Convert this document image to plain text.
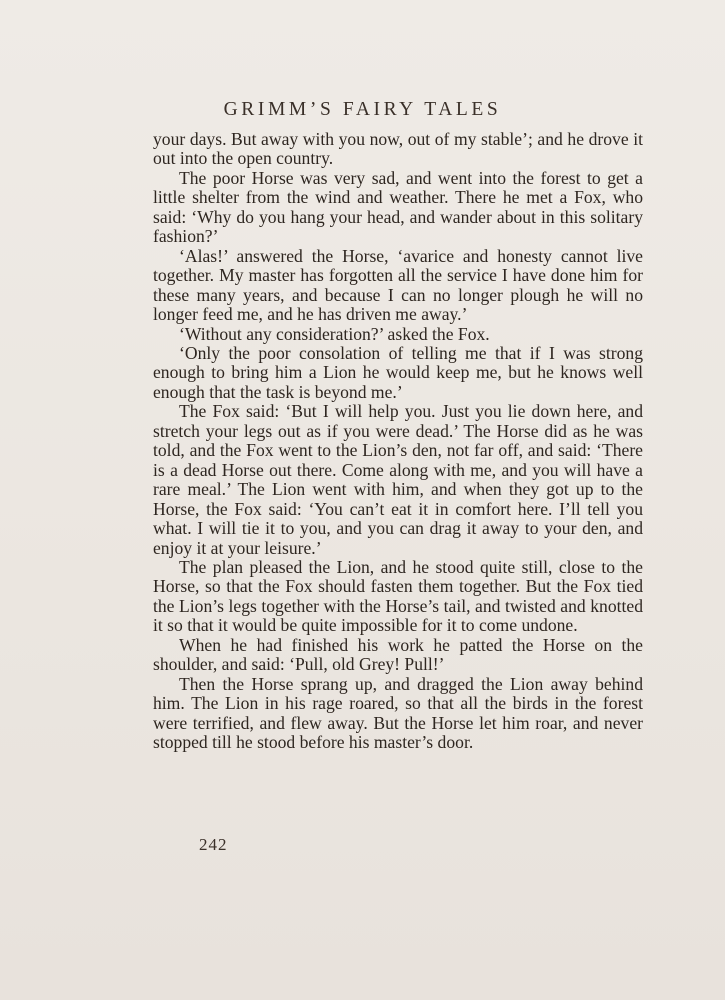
GRIMM’S FAIRY TALES

your days. But away with you now, out of my stable’; and he drove it out into the open country.

The poor Horse was very sad, and went into the forest to get a little shelter from the wind and weather. There he met a Fox, who said: ‘Why do you hang your head, and wander about in this solitary fashion?’

‘Alas!’ answered the Horse, ‘avarice and honesty cannot live together. My master has forgotten all the service I have done him for these many years, and because I can no longer plough he will no longer feed me, and he has driven me away.’

‘Without any consideration?’ asked the Fox.

‘Only the poor consolation of telling me that if I was strong enough to bring him a Lion he would keep me, but he knows well enough that the task is beyond me.’

The Fox said: ‘But I will help you. Just you lie down here, and stretch your legs out as if you were dead.’ The Horse did as he was told, and the Fox went to the Lion’s den, not far off, and said: ‘There is a dead Horse out there. Come along with me, and you will have a rare meal.’ The Lion went with him, and when they got up to the Horse, the Fox said: ‘You can’t eat it in comfort here. I’ll tell you what. I will tie it to you, and you can drag it away to your den, and enjoy it at your leisure.’

The plan pleased the Lion, and he stood quite still, close to the Horse, so that the Fox should fasten them together. But the Fox tied the Lion’s legs together with the Horse’s tail, and twisted and knotted it so that it would be quite impossible for it to come undone.

When he had finished his work he patted the Horse on the shoulder, and said: ‘Pull, old Grey! Pull!’

Then the Horse sprang up, and dragged the Lion away behind him. The Lion in his rage roared, so that all the birds in the forest were terrified, and flew away. But the Horse let him roar, and never stopped till he stood before his master’s door.

242
